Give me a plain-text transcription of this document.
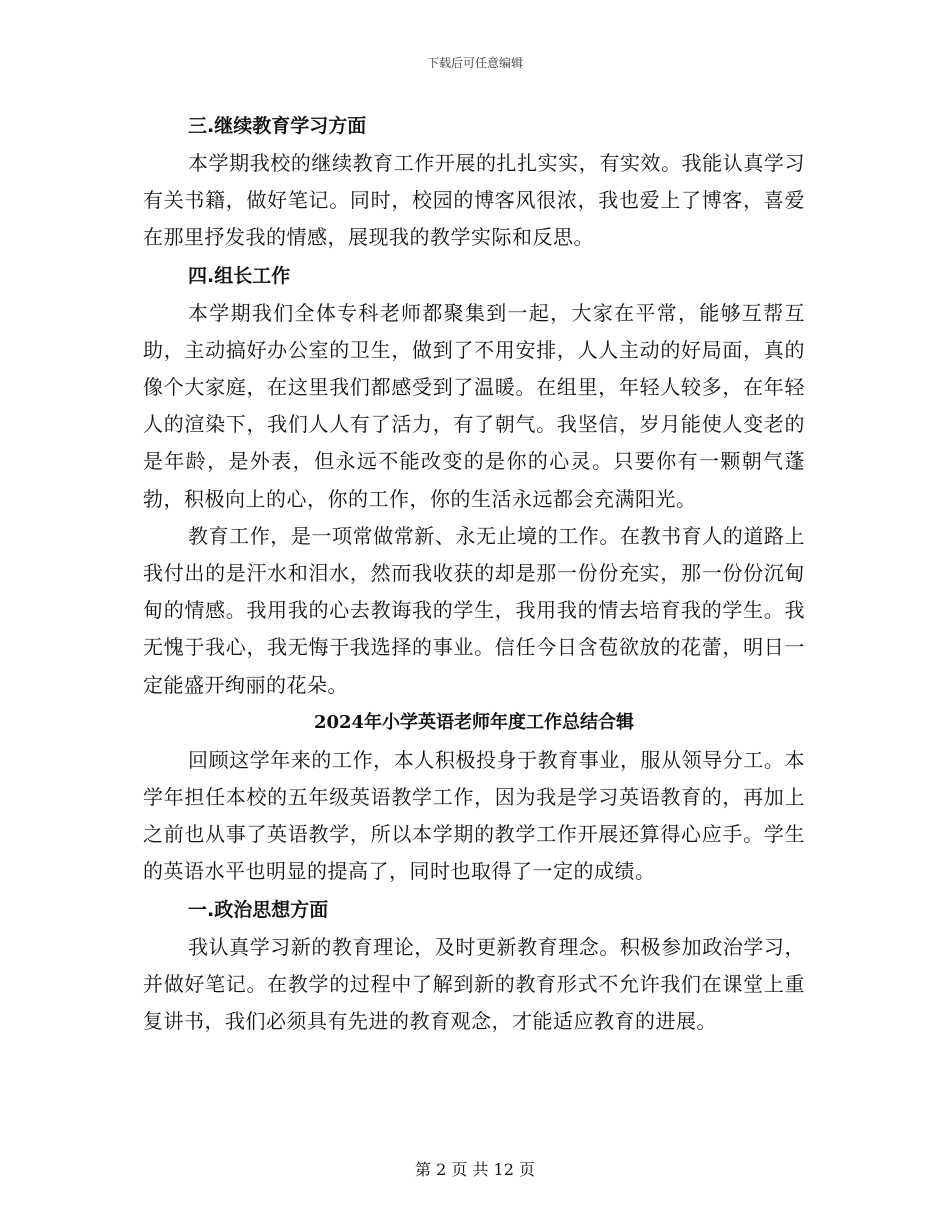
下载后可任意编辑

三.继续教育学习方面

本学期我校的继续教育工作开展的扎扎实实，有实效。我能认真学习有关书籍，做好笔记。同时，校园的博客风很浓，我也爱上了博客，喜爱在那里抒发我的情感，展现我的教学实际和反思。

四.组长工作

本学期我们全体专科老师都聚集到一起，大家在平常，能够互帮互助，主动搞好办公室的卫生，做到了不用安排，人人主动的好局面，真的像个大家庭，在这里我们都感受到了温暖。在组里，年轻人较多，在年轻人的渲染下，我们人人有了活力，有了朝气。我坚信，岁月能使人变老的是年龄，是外表，但永远不能改变的是你的心灵。只要你有一颗朝气蓬勃，积极向上的心，你的工作，你的生活永远都会充满阳光。

教育工作，是一项常做常新、永无止境的工作。在教书育人的道路上我付出的是汗水和泪水，然而我收获的却是那一份份充实，那一份份沉甸甸的情感。我用我的心去教诲我的学生，我用我的情去培育我的学生。我无愧于我心，我无悔于我选择的事业。信任今日含苞欲放的花蕾，明日一定能盛开绚丽的花朵。

2024年小学英语老师年度工作总结合辑

回顾这学年来的工作，本人积极投身于教育事业，服从领导分工。本学年担任本校的五年级英语教学工作，因为我是学习英语教育的，再加上之前也从事了英语教学，所以本学期的教学工作开展还算得心应手。学生的英语水平也明显的提高了，同时也取得了一定的成绩。

一.政治思想方面

我认真学习新的教育理论，及时更新教育理念。积极参加政治学习，并做好笔记。在教学的过程中了解到新的教育形式不允许我们在课堂上重复讲书，我们必须具有先进的教育观念，才能适应教育的进展。

第 2 页 共 12 页
